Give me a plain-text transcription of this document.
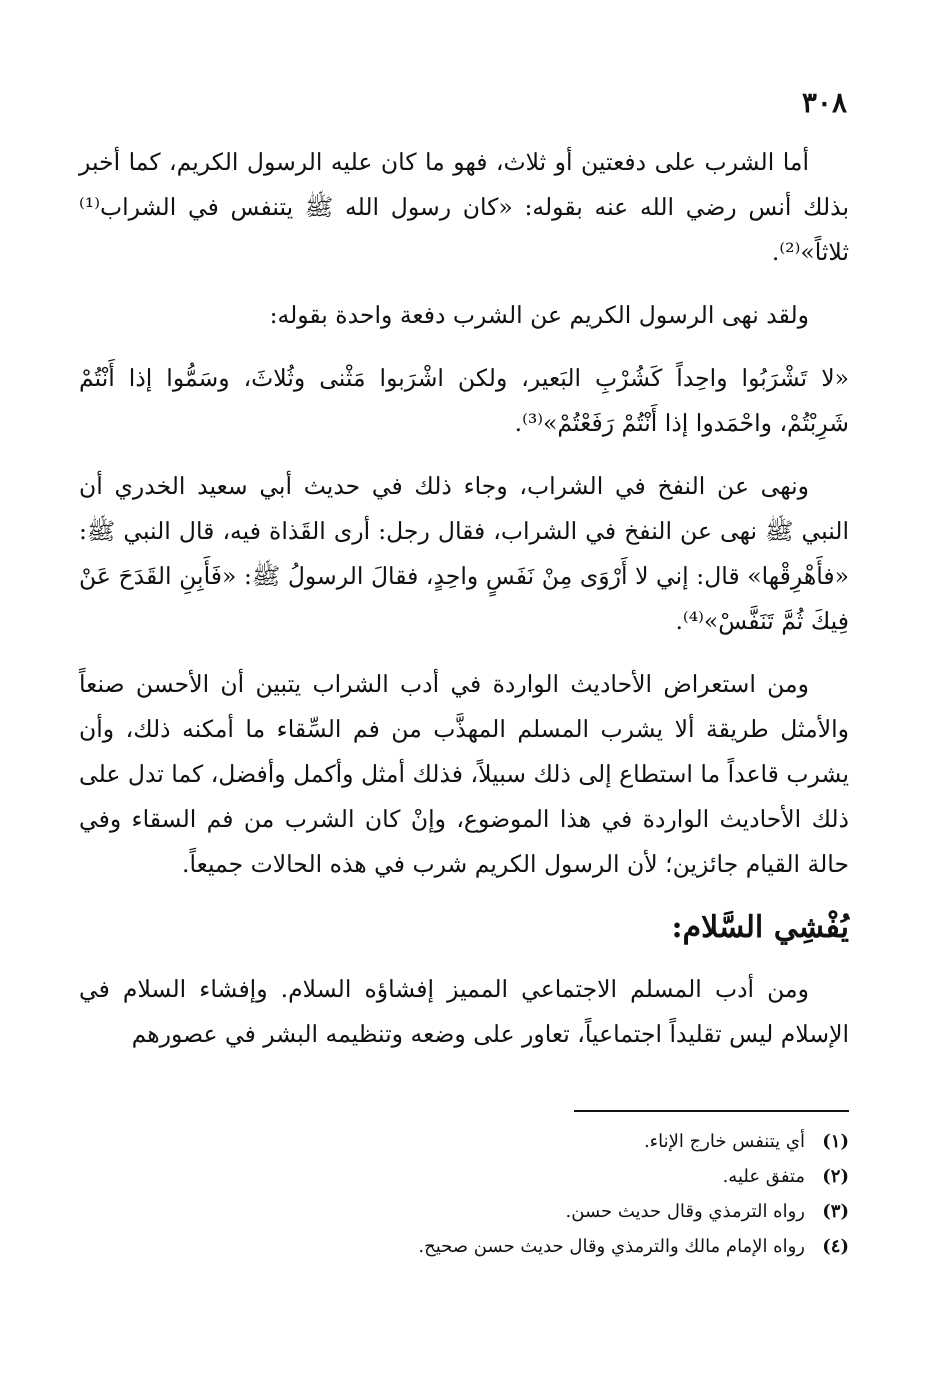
٣٠٨

أما الشرب على دفعتين أو ثلاث، فهو ما كان عليه الرسول الكريم، كما أخبر بذلك أنس رضي الله عنه بقوله: «كان رسول الله ﷺ يتنفس في الشراب⁽¹⁾ ثلاثاً»⁽²⁾.

ولقد نهى الرسول الكريم عن الشرب دفعة واحدة بقوله:

«لا تَشْرَبُوا واحِداً كَشُرْبِ البَعير، ولكن اشْرَبوا مَثْنى وثُلاثَ، وسَمُّوا إذا أَنْتُمْ شَرِبْتُمْ، واحْمَدوا إذا أَنْتُمْ رَفَعْتُمْ»⁽³⁾.

ونهى عن النفخ في الشراب، وجاء ذلك في حديث أبي سعيد الخدري أن النبي ﷺ نهى عن النفخ في الشراب، فقال رجل: أرى القَذاة فيه، قال النبي ﷺ: «فأَهْرِقْها» قال: إني لا أَرْوَى مِنْ نَفَسٍ واحِدٍ، فقالَ الرسولُ ﷺ: «فَأَبِنِ القَدَحَ عَنْ فِيكَ ثُمَّ تَنَفَّسْ»⁽⁴⁾.

ومن استعراض الأحاديث الواردة في أدب الشراب يتبين أن الأحسن صنعاً والأمثل طريقة ألا يشرب المسلم المهذَّب من فم السِّقاء ما أمكنه ذلك، وأن يشرب قاعداً ما استطاع إلى ذلك سبيلاً، فذلك أمثل وأكمل وأفضل، كما تدل على ذلك الأحاديث الواردة في هذا الموضوع، وإنْ كان الشرب من فم السقاء وفي حالة القيام جائزين؛ لأن الرسول الكريم شرب في هذه الحالات جميعاً.

يُفْشِي السَّلام:

ومن أدب المسلم الاجتماعي المميز إفشاؤه السلام. وإفشاء السلام في الإسلام ليس تقليداً اجتماعياً، تعاور على وضعه وتنظيمه البشر في عصورهم

(١)أي يتنفس خارج الإناء.
(٢)متفق عليه.
(٣)رواه الترمذي وقال حديث حسن.
(٤)رواه الإمام مالك والترمذي وقال حديث حسن صحيح.
